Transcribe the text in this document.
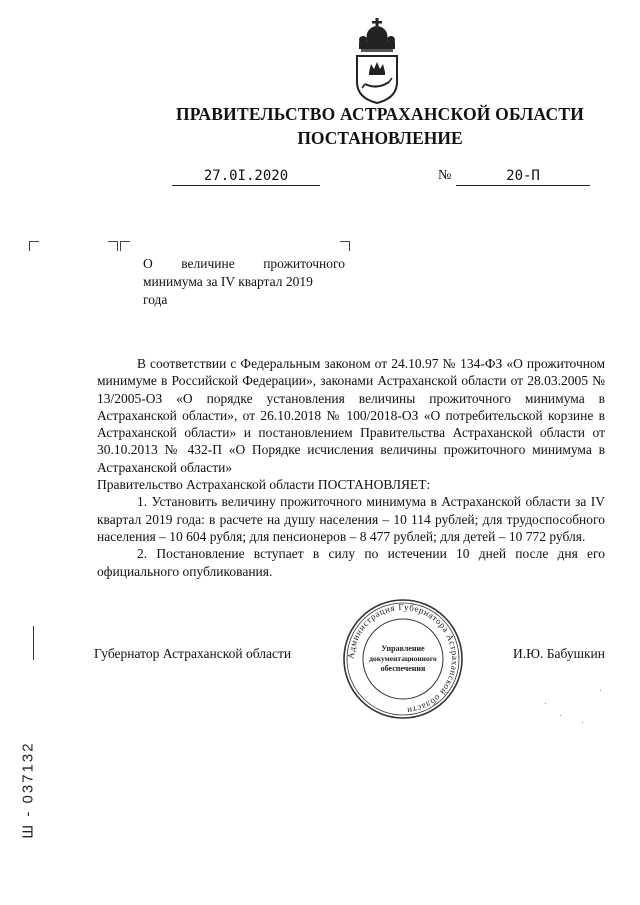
ПРАВИТЕЛЬСТВО АСТРАХАНСКОЙ ОБЛАСТИ
ПОСТАНОВЛЕНИЕ
27.0I.2020	№	20-П
О величине прожиточного
минимума за IV квартал 2019
года
В соответствии с Федеральным законом от 24.10.97 № 134-ФЗ «О прожиточном минимуме в Российской Федерации», законами Астраханской области от 28.03.2005 № 13/2005-ОЗ «О порядке установления величины прожиточного минимума в Астраханской области», от 26.10.2018 № 100/2018-ОЗ «О потребительской корзине в Астраханской области» и постановлением Правительства Астраханской области от 30.10.2013 № 432-П «О Порядке исчисления величины прожиточного минимума в Астраханской области»
Правительство Астраханской области ПОСТАНОВЛЯЕТ:
1. Установить величину прожиточного минимума в Астраханской области за IV квартал 2019 года: в расчете на душу населения – 10 114 рублей; для трудоспособного населения – 10 604 рубля; для пенсионеров – 8 477 рублей; для детей – 10 772 рубля.
2. Постановление вступает в силу по истечении 10 дней после дня его официального опубликования.
Губернатор Астраханской области	И.Ю. Бабушкин
Администрация Губернатора Астраханской области
Управление
документационного
обеспечения
Ш - 037132
